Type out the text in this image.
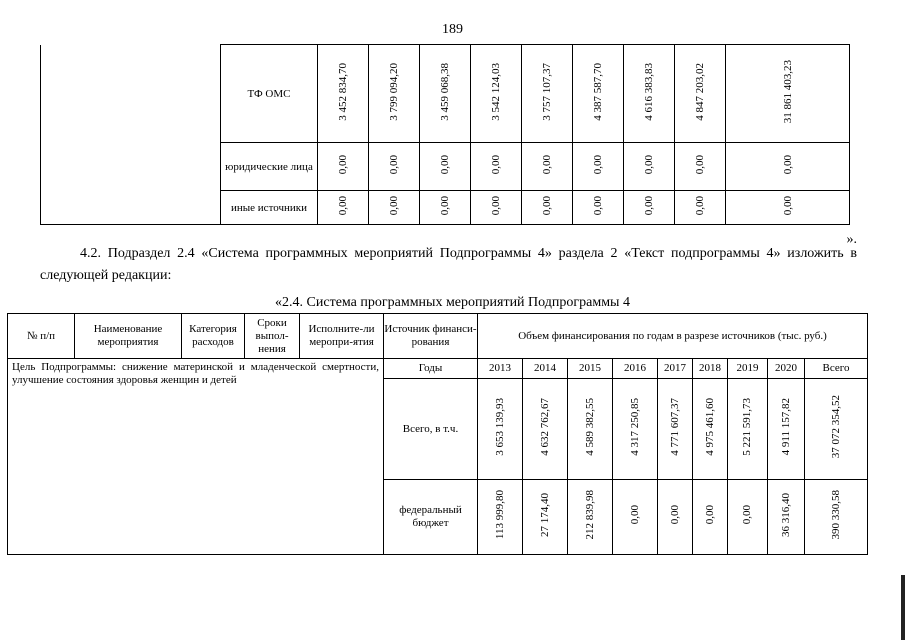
189
	ТФ ОМС	3 452 834,70	3 799 094,20	3 459 068,38	3 542 124,03	3 757 107,37	4 387 587,70	4 616 383,83	4 847 203,02	31 861 403,23
	юридические лица	0,00	0,00	0,00	0,00	0,00	0,00	0,00	0,00	0,00
	иные источники	0,00	0,00	0,00	0,00	0,00	0,00	0,00	0,00	0,00
».
4.2. Подраздел 2.4 «Система программных мероприятий Подпрограммы 4» раздела 2 «Текст подпрограммы 4» изложить в следующей редакции:
«2.4. Система программных мероприятий Подпрограммы 4
№ п/п	Наименование мероприятия	Категория расходов	Сроки выпол-нения	Исполните-ли меропри-ятия	Источник финанси-рования	Объем финансирования по годам в разрезе источников (тыс. руб.)								
Цель Подпрограммы: снижение материнской и младенческой смертности, улучшение состояния здоровья женщин и детей					Годы	2013	2014	2015	2016	2017	2018	2019	2020	Всего
					Всего, в т.ч.	3 653 139,93	4 632 762,67	4 589 382,55	4 317 250,85	4 771 607,37	4 975 461,60	5 221 591,73	4 911 157,82	37 072 354,52
					федеральный бюджет	113 999,80	27 174,40	212 839,98	0,00	0,00	0,00	0,00	36 316,40	390 330,58
